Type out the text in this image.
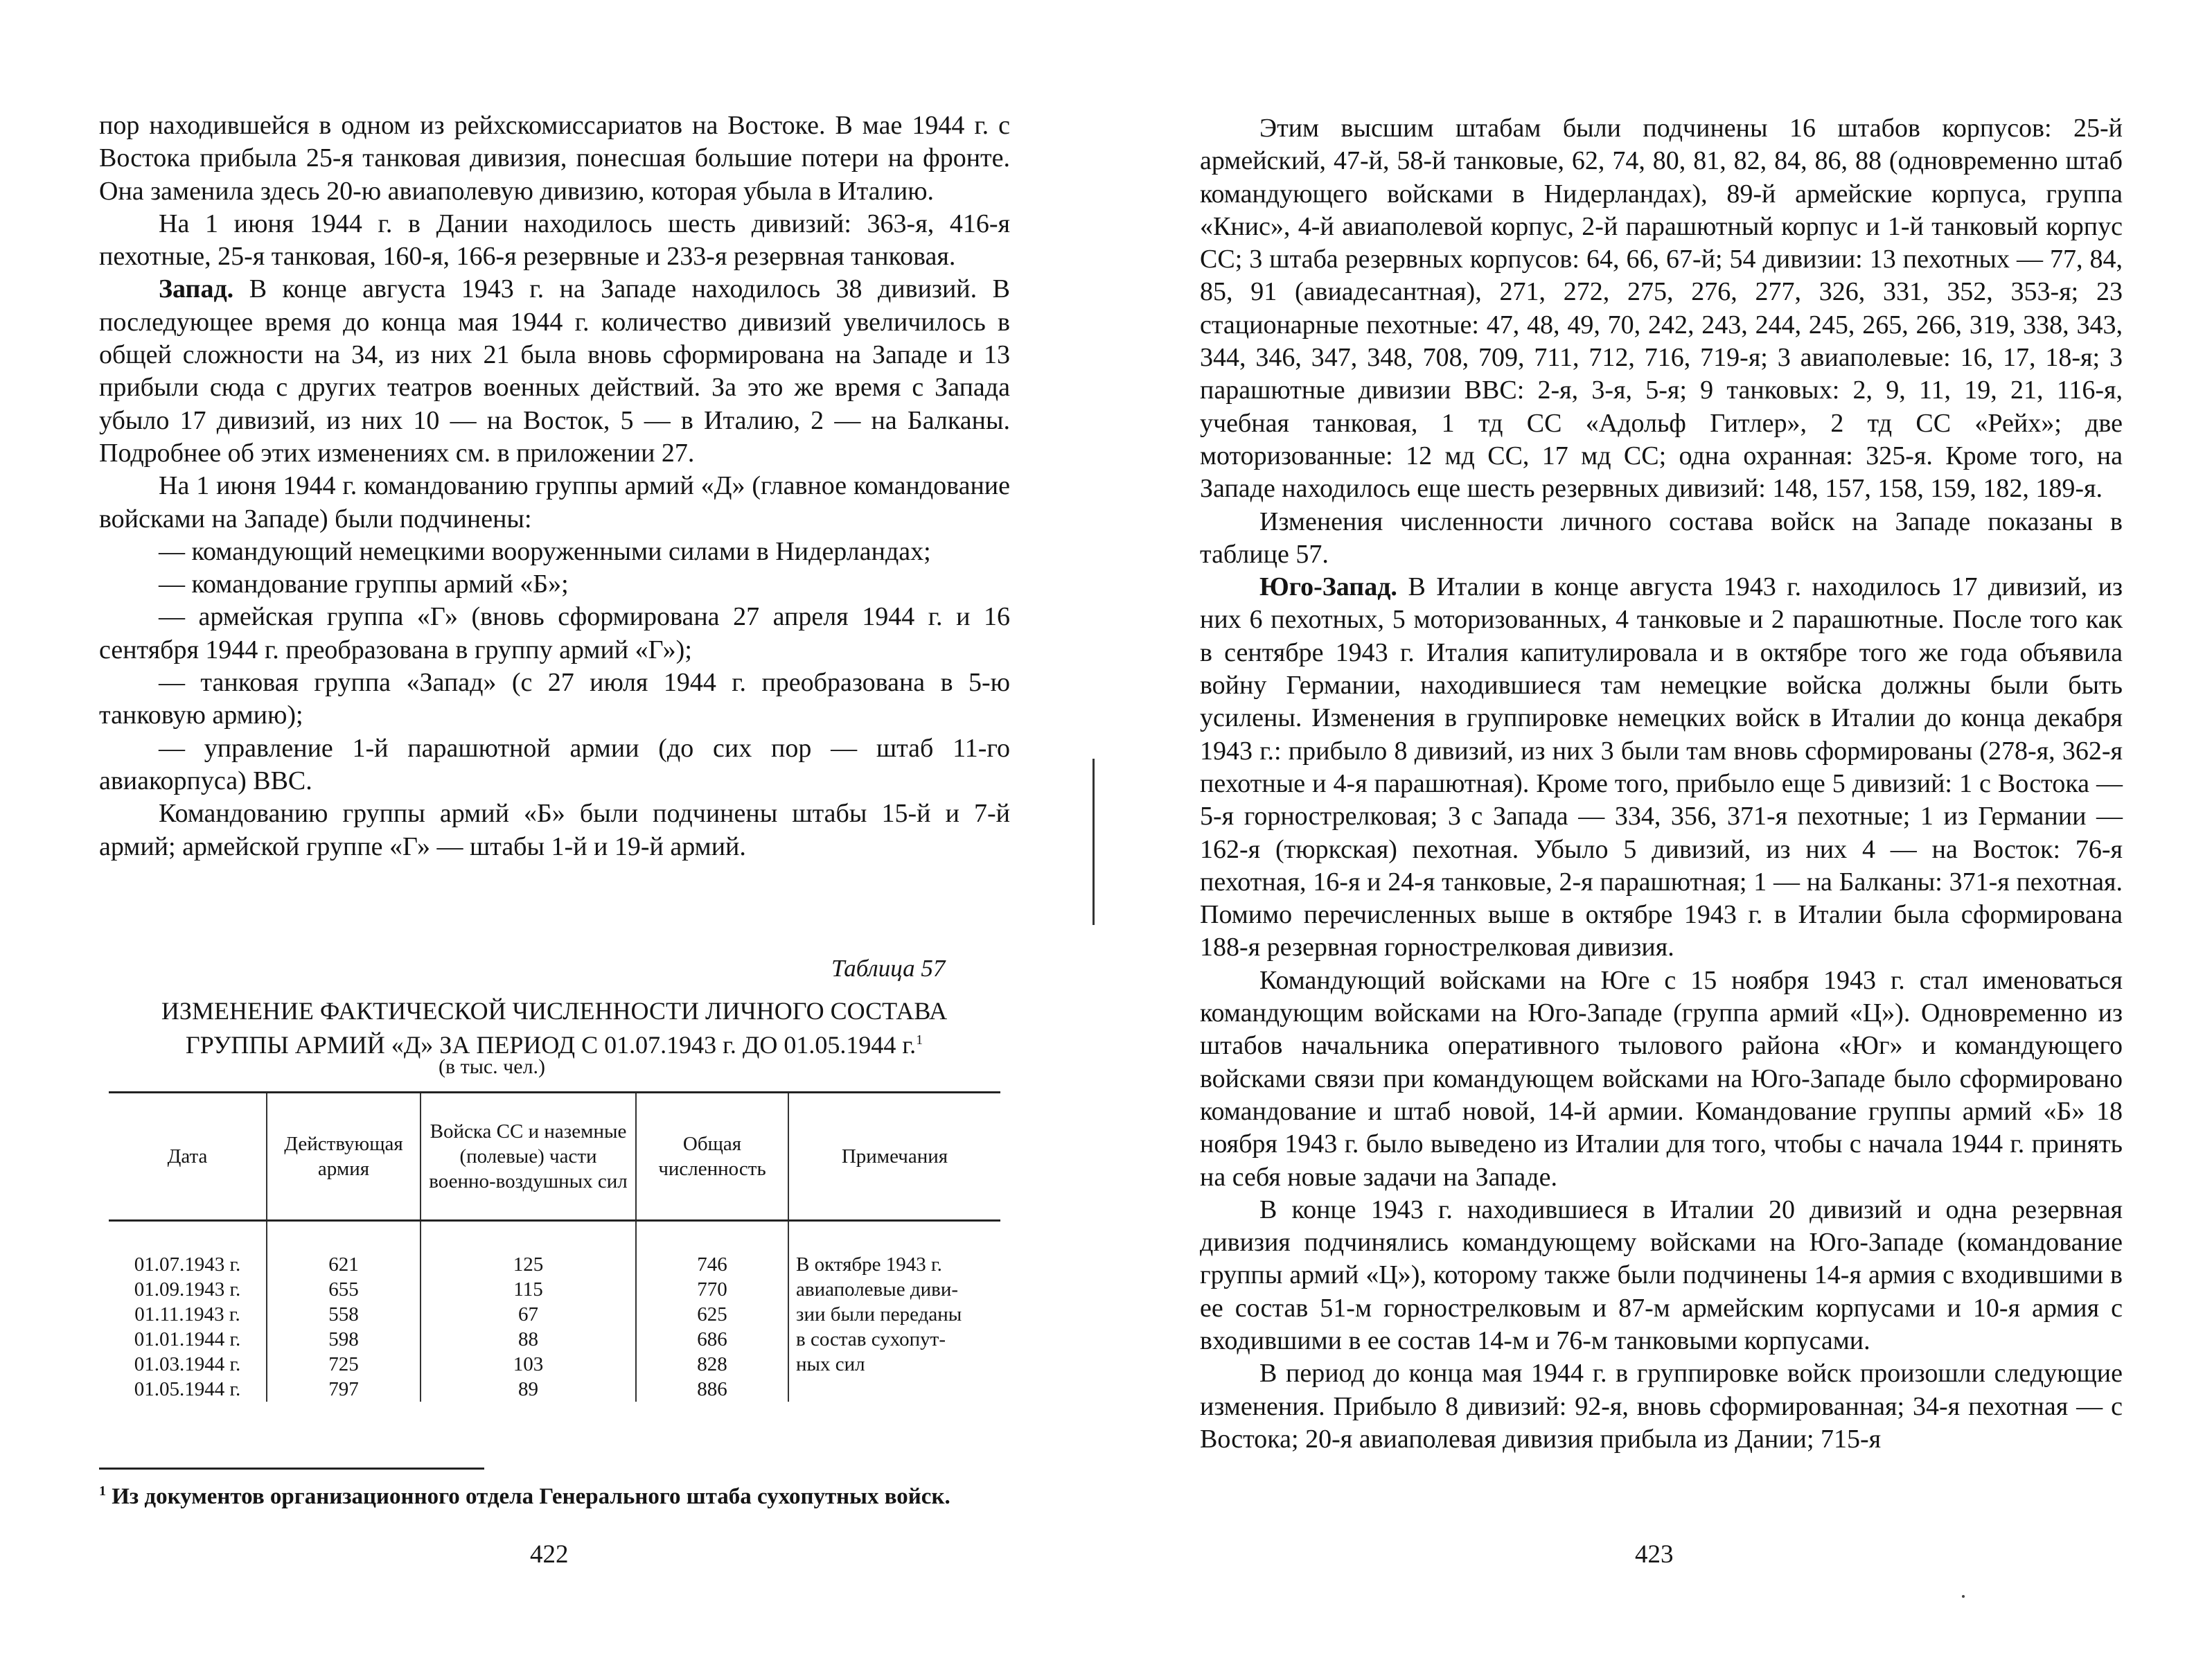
пор находившейся в одном из рейхскомиссариатов на Востоке. В мае 1944 г. с Востока прибыла 25-я танковая дивизия, понесшая большие потери на фронте. Она заменила здесь 20-ю авиаполевую дивизию, которая убыла в Италию.

На 1 июня 1944 г. в Дании находилось шесть дивизий: 363-я, 416-я пехотные, 25-я танковая, 160-я, 166-я резервные и 233-я резервная танковая.

Запад. В конце августа 1943 г. на Западе находилось 38 дивизий. В последующее время до конца мая 1944 г. количество дивизий увеличилось в общей сложности на 34, из них 21 была вновь сформирована на Западе и 13 прибыли сюда с других театров военных действий. За это же время с Запада убыло 17 дивизий, из них 10 — на Восток, 5 — в Италию, 2 — на Балканы. Подробнее об этих изменениях см. в приложении 27.

На 1 июня 1944 г. командованию группы армий «Д» (главное командование войсками на Западе) были подчинены:

— командующий немецкими вооруженными силами в Нидерландах;

— командование группы армий «Б»;

— армейская группа «Г» (вновь сформирована 27 апреля 1944 г. и 16 сентября 1944 г. преобразована в группу армий «Г»);

— танковая группа «Запад» (с 27 июля 1944 г. преобразована в 5-ю танковую армию);

— управление 1-й парашютной армии (до сих пор — штаб 11-го авиакорпуса) ВВС.

Командованию группы армий «Б» были подчинены штабы 15-й и 7-й армий; армейской группе «Г» — штабы 1-й и 19-й армий.

Таблица 57
ИЗМЕНЕНИЕ ФАКТИЧЕСКОЙ ЧИСЛЕННОСТИ ЛИЧНОГО СОСТАВА
ГРУППЫ АРМИЙ «Д» ЗА ПЕРИОД С 01.07.1943 г. ДО 01.05.1944 г.$^1$
(в тыс. чел.)
Дата	Действующая армия	Войска СС и наземные (полевые) части военно-воздушных сил	Общая численность	Примечания
01.07.1943 г.	621	125	746	В октябре 1943 г.
01.09.1943 г.	655	115	770	авиаполевые диви-
01.11.1943 г.	558	67	625	зии были переданы
01.01.1944 г.	598	88	686	в состав сухопут-
01.03.1944 г.	725	103	828	ных сил
01.05.1944 г.	797	89	886	
$^1$ Из документов организационного отдела Генерального штаба сухопутных войск.
422

Этим высшим штабам были подчинены 16 штабов корпусов: 25-й армейский, 47-й, 58-й танковые, 62, 74, 80, 81, 82, 84, 86, 88 (одновременно штаб командующего войсками в Нидерландах), 89-й армейские корпуса, группа «Книс», 4-й авиаполевой корпус, 2-й парашютный корпус и 1-й танковый корпус СС; 3 штаба резервных корпусов: 64, 66, 67-й; 54 дивизии: 13 пехотных — 77, 84, 85, 91 (авиадесантная), 271, 272, 275, 276, 277, 326, 331, 352, 353-я; 23 стационарные пехотные: 47, 48, 49, 70, 242, 243, 244, 245, 265, 266, 319, 338, 343, 344, 346, 347, 348, 708, 709, 711, 712, 716, 719-я; 3 авиаполевые: 16, 17, 18-я; 3 парашютные дивизии ВВС: 2-я, 3-я, 5-я; 9 танковых: 2, 9, 11, 19, 21, 116-я, учебная танковая, 1 тд СС «Адольф Гитлер», 2 тд СС «Рейх»; две моторизованные: 12 мд СС, 17 мд СС; одна охранная: 325-я. Кроме того, на Западе находилось еще шесть резервных дивизий: 148, 157, 158, 159, 182, 189-я.

Изменения численности личного состава войск на Западе показаны в таблице 57.

Юго-Запад. В Италии в конце августа 1943 г. находилось 17 дивизий, из них 6 пехотных, 5 моторизованных, 4 танковые и 2 парашютные. После того как в сентябре 1943 г. Италия капитулировала и в октябре того же года объявила войну Германии, находившиеся там немецкие войска должны были быть усилены. Изменения в группировке немецких войск в Италии до конца декабря 1943 г.: прибыло 8 дивизий, из них 3 были там вновь сформированы (278-я, 362-я пехотные и 4-я парашютная). Кроме того, прибыло еще 5 дивизий: 1 с Востока — 5-я горнострелковая; 3 с Запада — 334, 356, 371-я пехотные; 1 из Германии — 162-я (тюркская) пехотная. Убыло 5 дивизий, из них 4 — на Восток: 76-я пехотная, 16-я и 24-я танковые, 2-я парашютная; 1 — на Балканы: 371-я пехотная. Помимо перечисленных выше в октябре 1943 г. в Италии была сформирована 188-я резервная горнострелковая дивизия.

Командующий войсками на Юге с 15 ноября 1943 г. стал именоваться командующим войсками на Юго-Западе (группа армий «Ц»). Одновременно из штабов начальника оперативного тылового района «Юг» и командующего войсками связи при командующем войсками на Юго-Западе было сформировано командование и штаб новой, 14-й армии. Командование группы армий «Б» 18 ноября 1943 г. было выведено из Италии для того, чтобы с начала 1944 г. принять на себя новые задачи на Западе.

В конце 1943 г. находившиеся в Италии 20 дивизий и одна резервная дивизия подчинялись командующему войсками на Юго-Западе (командование группы армий «Ц»), которому также были подчинены 14-я армия с входившими в ее состав 51-м горнострелковым и 87-м армейским корпусами и 10-я армия с входившими в ее состав 14-м и 76-м танковыми корпусами.

В период до конца мая 1944 г. в группировке войск произошли следующие изменения. Прибыло 8 дивизий: 92-я, вновь сформированная; 34-я пехотная — с Востока; 20-я авиаполевая дивизия прибыла из Дании; 715-я

423
